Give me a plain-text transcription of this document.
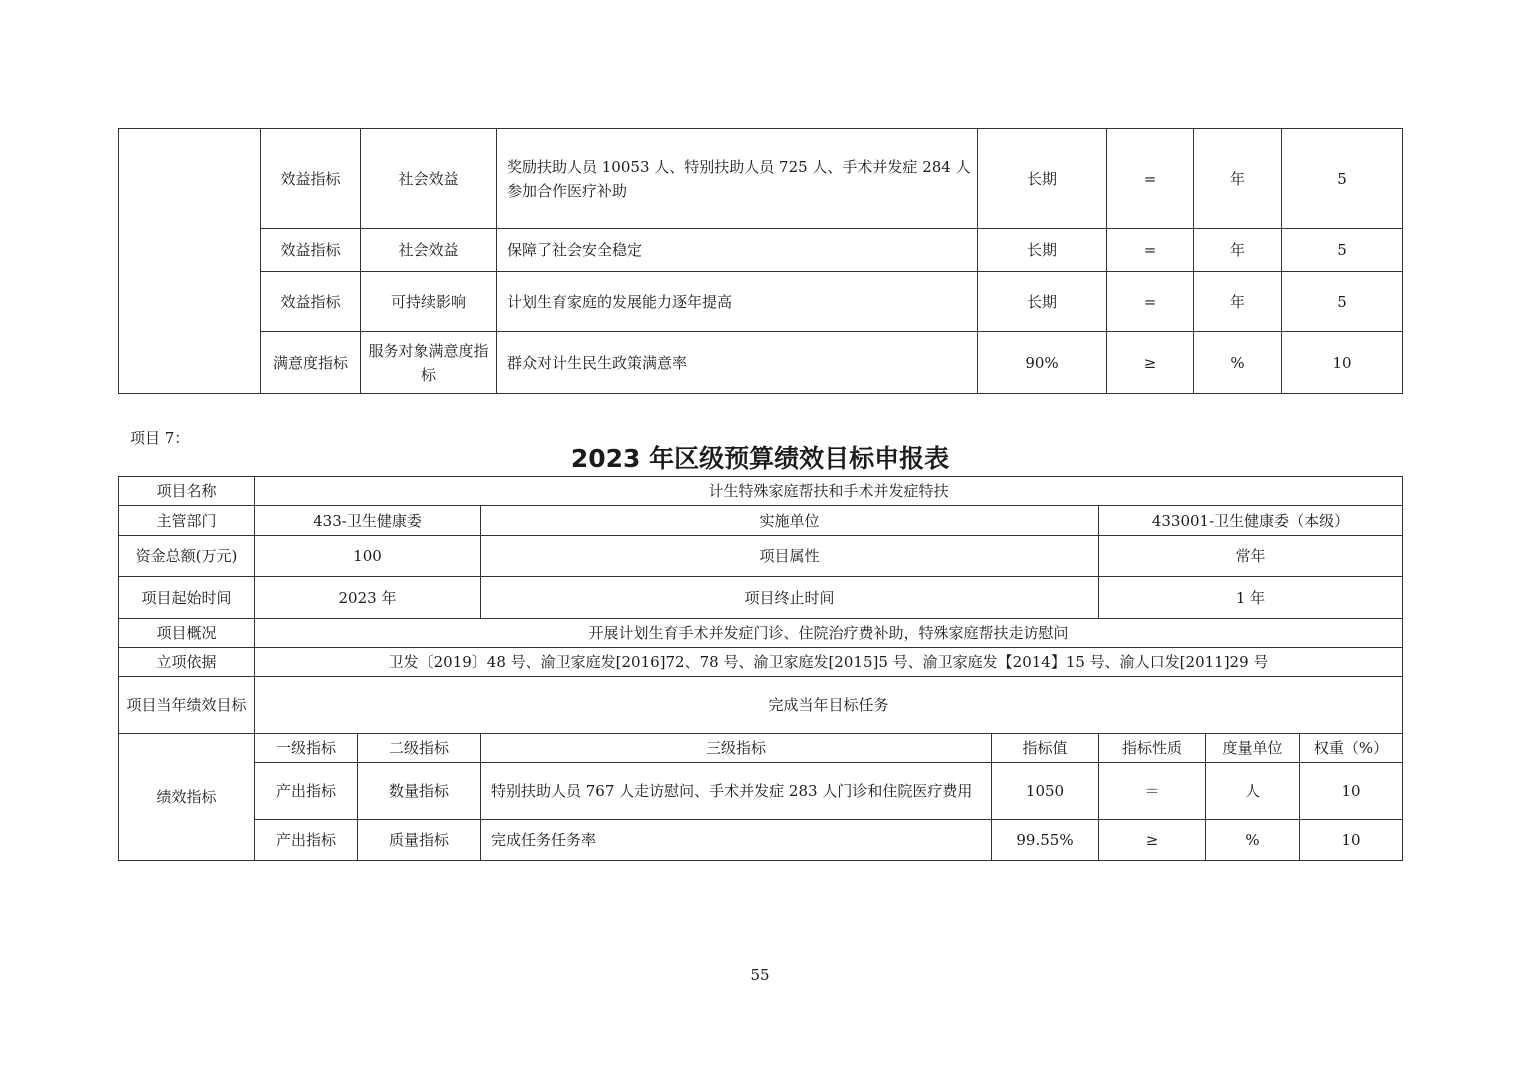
	效益指标	社会效益	奖励扶助人员 10053 人、特别扶助人员 725 人、手术并发症 284 人参加合作医疗补助	长期	=	年	5
	效益指标	社会效益	保障了社会安全稳定	长期	=	年	5
	效益指标	可持续影响	计划生育家庭的发展能力逐年提高	长期	=	年	5
	满意度指标	服务对象满意度指标	群众对计生民生政策满意率	90%	≥	%	10
项目 7：
2023 年区级预算绩效目标申报表
项目名称	计生特殊家庭帮扶和手术并发症特扶						
主管部门	433-卫生健康委		实施单位		433001-卫生健康委（本级）		
资金总额(万元)	100		项目属性		常年		
项目起始时间	2023 年		项目终止时间		1 年		
项目概况	开展计划生育手术并发症门诊、住院治疗费补助，特殊家庭帮扶走访慰问						
立项依据	卫发〔2019〕48 号、渝卫家庭发[2016]72、78 号、渝卫家庭发[2015]5 号、渝卫家庭发【2014】15 号、渝人口发[2011]29 号						
项目当年绩效目标	完成当年目标任务						
绩效指标	一级指标	二级指标	三级指标	指标值	指标性质	度量单位	权重（%）
	产出指标	数量指标	特别扶助人员 767 人走访慰问、手术并发症 283 人门诊和住院医疗费用	1050	＝	人	10
	产出指标	质量指标	完成任务任务率	99.55%	≥	%	10
55
